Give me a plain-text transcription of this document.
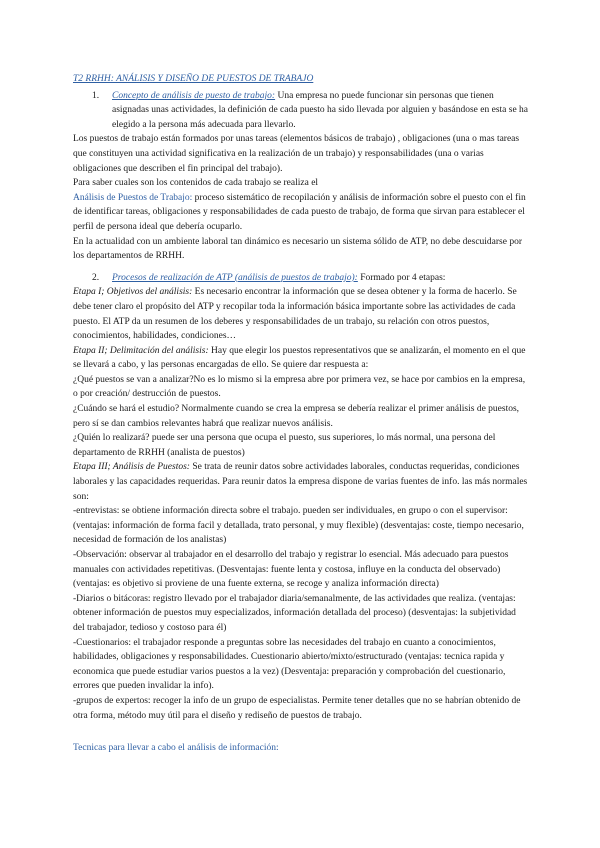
T2 RRHH: ANÁLISIS Y DISEÑO DE PUESTOS DE TRABAJO

1. Concepto de análisis de puesto de trabajo: Una empresa no puede funcionar sin personas que tienen asignadas unas actividades, la definición de cada puesto ha sido llevada por alguien y basándose en esta se ha elegido a la persona más adecuada para llevarlo.

Los puestos de trabajo están formados por unas tareas (elementos básicos de trabajo) , obligaciones (una o mas tareas que constituyen una actividad significativa en la realización de un trabajo) y responsabilidades (una o varias obligaciones que describen el fin principal del trabajo).

Para saber cuales son los contenidos de cada trabajo se realiza el

Análisis de Puestos de Trabajo: proceso sistemático de recopilación y análisis de información sobre el puesto con el fin de identificar tareas, obligaciones y responsabilidades de cada puesto de trabajo, de forma que sirvan para establecer el perfil de persona ideal que debería ocuparlo.

En la actualidad con un ambiente laboral tan dinámico es necesario un sistema sólido de ATP, no debe descuidarse por los departamentos de RRHH.

2. Procesos de realización de ATP (análisis de puestos de trabajo): Formado por 4 etapas:

Etapa I; Objetivos del análisis: Es necesario encontrar la información que se desea obtener y la forma de hacerlo. Se debe tener claro el propósito del ATP y recopilar toda la información básica importante sobre las actividades de cada puesto. El ATP da un resumen de los deberes y responsabilidades de un trabajo, su relación con otros puestos, conocimientos, habilidades, condiciones…

Etapa II; Delimitación del análisis: Hay que elegir los puestos representativos que se analizarán, el momento en el que se llevará a cabo, y las personas encargadas de ello. Se quiere dar respuesta a:

¿Qué puestos se van a analizar?No es lo mismo si la empresa abre por primera vez, se hace por cambios en la empresa, o por creación/ destrucción de puestos.

¿Cuándo se hará el estudio? Normalmente cuando se crea la empresa se debería realizar el primer análisis de puestos, pero sí se dan cambios relevantes habrá que realizar nuevos análisis.

¿Quién lo realizará? puede ser una persona que ocupa el puesto, sus superiores, lo más normal, una persona del departamento de RRHH (analista de puestos)

Etapa III; Análisis de Puestos: Se trata de reunir datos sobre actividades laborales, conductas requeridas, condiciones laborales y las capacidades requeridas. Para reunir datos la empresa dispone de varias fuentes de info. las más normales son:

-entrevistas: se obtiene información directa sobre el trabajo. pueden ser individuales, en grupo o con el supervisor: (ventajas: información de forma facil y detallada, trato personal, y muy flexible) (desventajas: coste, tiempo necesario, necesidad de formación de los analistas)

-Observación: observar al trabajador en el desarrollo del trabajo y registrar lo esencial. Más adecuado para puestos manuales con actividades repetitivas. (Desventajas: fuente lenta y costosa, influye en la conducta del observado) (ventajas: es objetivo si proviene de una fuente externa, se recoge y analiza información directa)

-Diarios o bitácoras: registro llevado por el trabajador diaria/semanalmente, de las actividades que realiza. (ventajas: obtener información de puestos muy especializados, información detallada del proceso) (desventajas: la subjetividad del trabajador, tedioso y costoso para él)

-Cuestionarios: el trabajador responde a preguntas sobre las necesidades del trabajo en cuanto a conocimientos, habilidades, obligaciones y responsabilidades. Cuestionario abierto/mixto/estructurado (ventajas: tecnica rapida y economica que puede estudiar varios puestos a la vez) (Desventaja: preparación y comprobación del cuestionario, errores que pueden invalidar la info).

-grupos de expertos: recoger la info de un grupo de especialistas. Permite tener detalles que no se habrían obtenido de otra forma, método muy útil para el diseño y rediseño de puestos de trabajo.

Tecnicas para llevar a cabo el análisis de información:
